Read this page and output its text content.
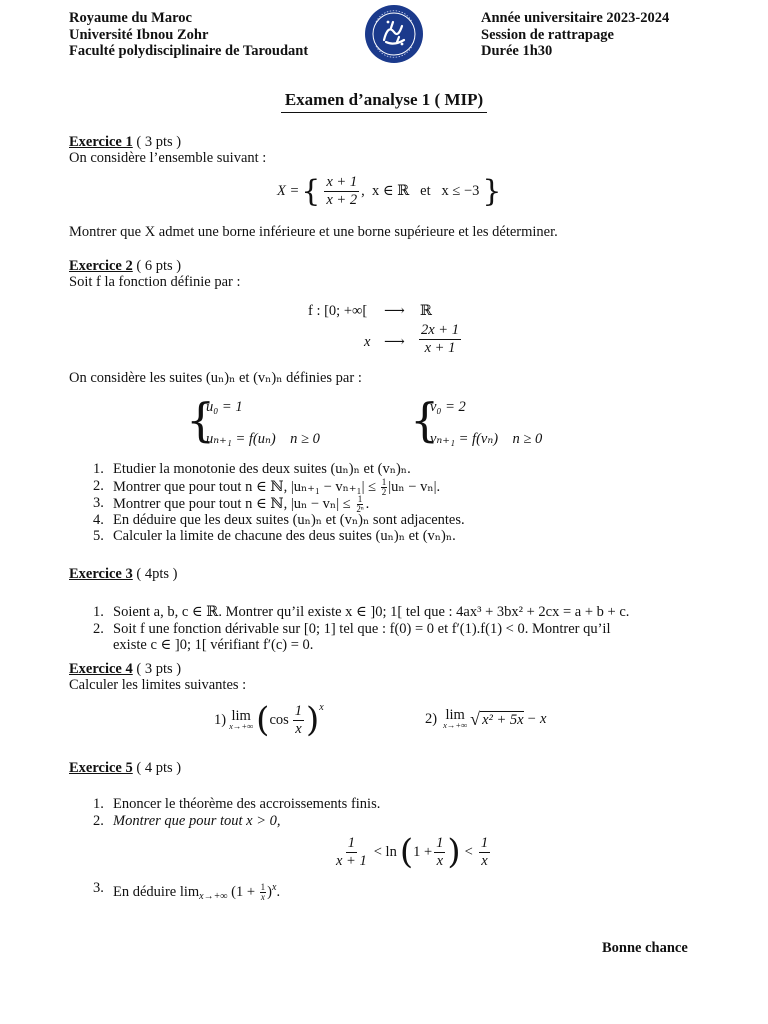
Royaume du Maroc
Université Ibnou Zohr
Faculté polydisciplinaire de Taroudant
Année universitaire 2023-2024
Session de rattrapage
Durée 1h30
Examen d’analyse 1 ( MIP)
Exercice 1 ( 3 pts )
On considère l’ensemble suivant :
X = { $\frac{x + 1}{x + 2}$ ,  x ∈ ℝ   et   x ≤ −3 }
Montrer que X admet une borne inférieure et une borne supérieure et les déterminer.
Exercice 2 ( 6 pts )
Soit f la fonction définie par :
f : [0; +∞[ ⟶ ℝ
x ⟶ $\frac{2x + 1}{x + 1}$
On considère les suites (uₙ)ₙ et (vₙ)ₙ définies par :
{
u₀ = 1
uₙ₊₁ = f(uₙ)    n ≥ 0 {
v₀ = 2
vₙ₊₁ = f(vₙ)    n ≥ 0
1. Etudier la monotonie des deux suites (uₙ)ₙ et (vₙ)ₙ.
2. Montrer que pour tout n ∈ ℕ, $|u_{n+1} - v_{n+1}| \le \frac{1}{2} |u_n - v_n|$.
3. Montrer que pour tout n ∈ ℕ, $|u_n - v_n| \le \frac{1}{\text{2ⁿ}}$ .
4. En déduire que les deux suites (uₙ)ₙ et (vₙ)ₙ sont adjacentes.
5. Calculer la limite de chacune des deus suites (uₙ)ₙ et (vₙ)ₙ.
Exercice 3 ( 4pts )
1. Soient a, b, c ∈ ℝ. Montrer qu’il existe x ∈ ]0; 1[ tel que : 4ax³ + 3bx² + 2cx = a + b + c.
2. Soit f une fonction dérivable sur [0; 1] tel que : f(0) = 0 et f′(1).f(1) < 0. Montrer qu’il
existe c ∈ ]0; 1[ vérifiant f′(c) = 0.
Exercice 4 ( 3 pts )
Calculer les limites suivantes :
1) lim
x→+∞ ( $\cos \frac{1}{x}$ ) x
2) lim
x→+∞ √ x² + 5x − x
Exercice 5 ( 4 pts )
1. Enoncer le théorème des accroissements finis.
2. Montrer que pour tout x > 0,
$\frac{1}{x + 1} < \ln$ ( $1 + \frac{1}{x}$ ) < $\frac{1}{x}$
3. En déduire $\lim_{x\to+\infty} (1 + \frac{1}{x} )^x$.
Bonne chance
